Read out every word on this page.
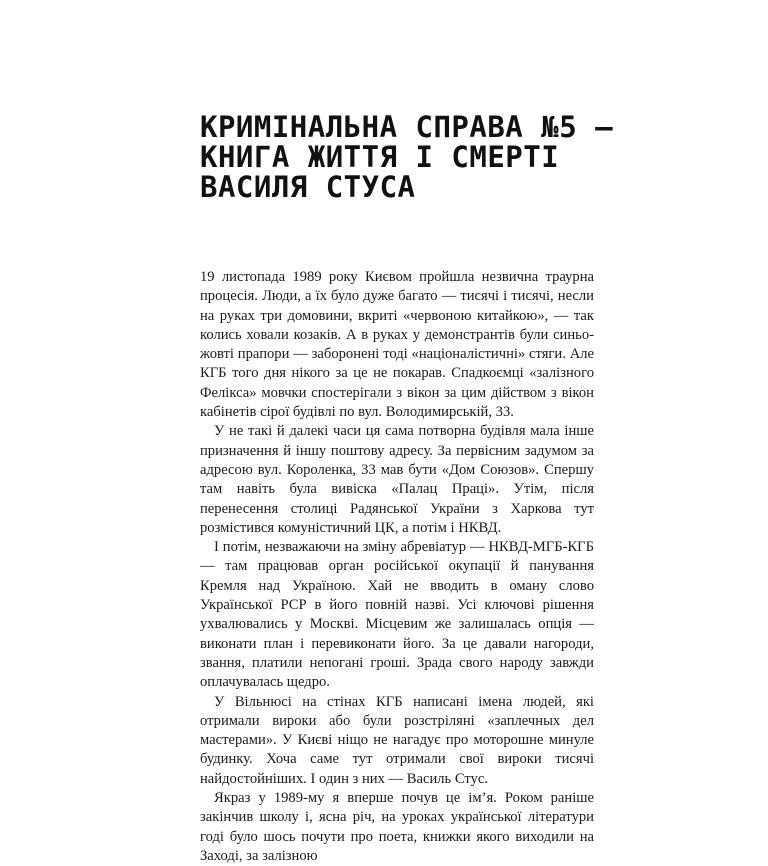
КРИМІНАЛЬНА СПРАВА №5 –
КНИГА ЖИТТЯ І СМЕРТІ
ВАСИЛЯ СТУСА

19 листопада 1989 року Києвом пройшла незвична траурна процесія. Люди, а їх було дуже багато — тисячі і тисячі, несли на руках три домовини, вкриті «червоною китайкою», — так колись ховали козаків. А в руках у демонстрантів були синьо-жовті прапори — заборонені тоді «націоналістичні» стяги. Але КГБ того дня нікого за це не покарав. Спадкоємці «залізного Фелікса» мовчки спостерігали з вікон за цим дійством з вікон кабінетів сірої будівлі по вул. Володимирській, 33.

У не такі й далекі часи ця сама потворна будівля мала інше призначення й іншу поштову адресу. За первісним задумом за адресою вул. Короленка, 33 мав бути «Дом Союзов». Спершу там навіть була вивіска «Палац Праці». Утім, після перенесення столиці Радянської України з Харкова тут розмістився комуністичний ЦК, а потім і НКВД.

І потім, незважаючи на зміну абревіатур — НКВД-МГБ-КГБ — там працював орган російської окупації й панування Кремля над Україною. Хай не вводить в оману слово Української РСР в його повній назві. Усі ключові рішення ухвалювались у Москві. Місцевим же залишалась опція — виконати план і перевиконати його. За це давали нагороди, звання, платили непогані гроші. Зрада свого народу завжди оплачувалась щедро.

У Вільнюсі на стінах КГБ написані імена людей, які отримали вироки або були розстріляні «заплечных дел мастерами». У Києві ніщо не нагадує про моторошне минуле будинку. Хоча саме тут отримали свої вироки тисячі найдостойніших. І один з них — Василь Стус.

Якраз у 1989-му я вперше почув це ім’я. Роком раніше закінчив школу і, ясна річ, на уроках української літератури годі було шось почути про поета, книжки якого виходили на Заході, за залізною
